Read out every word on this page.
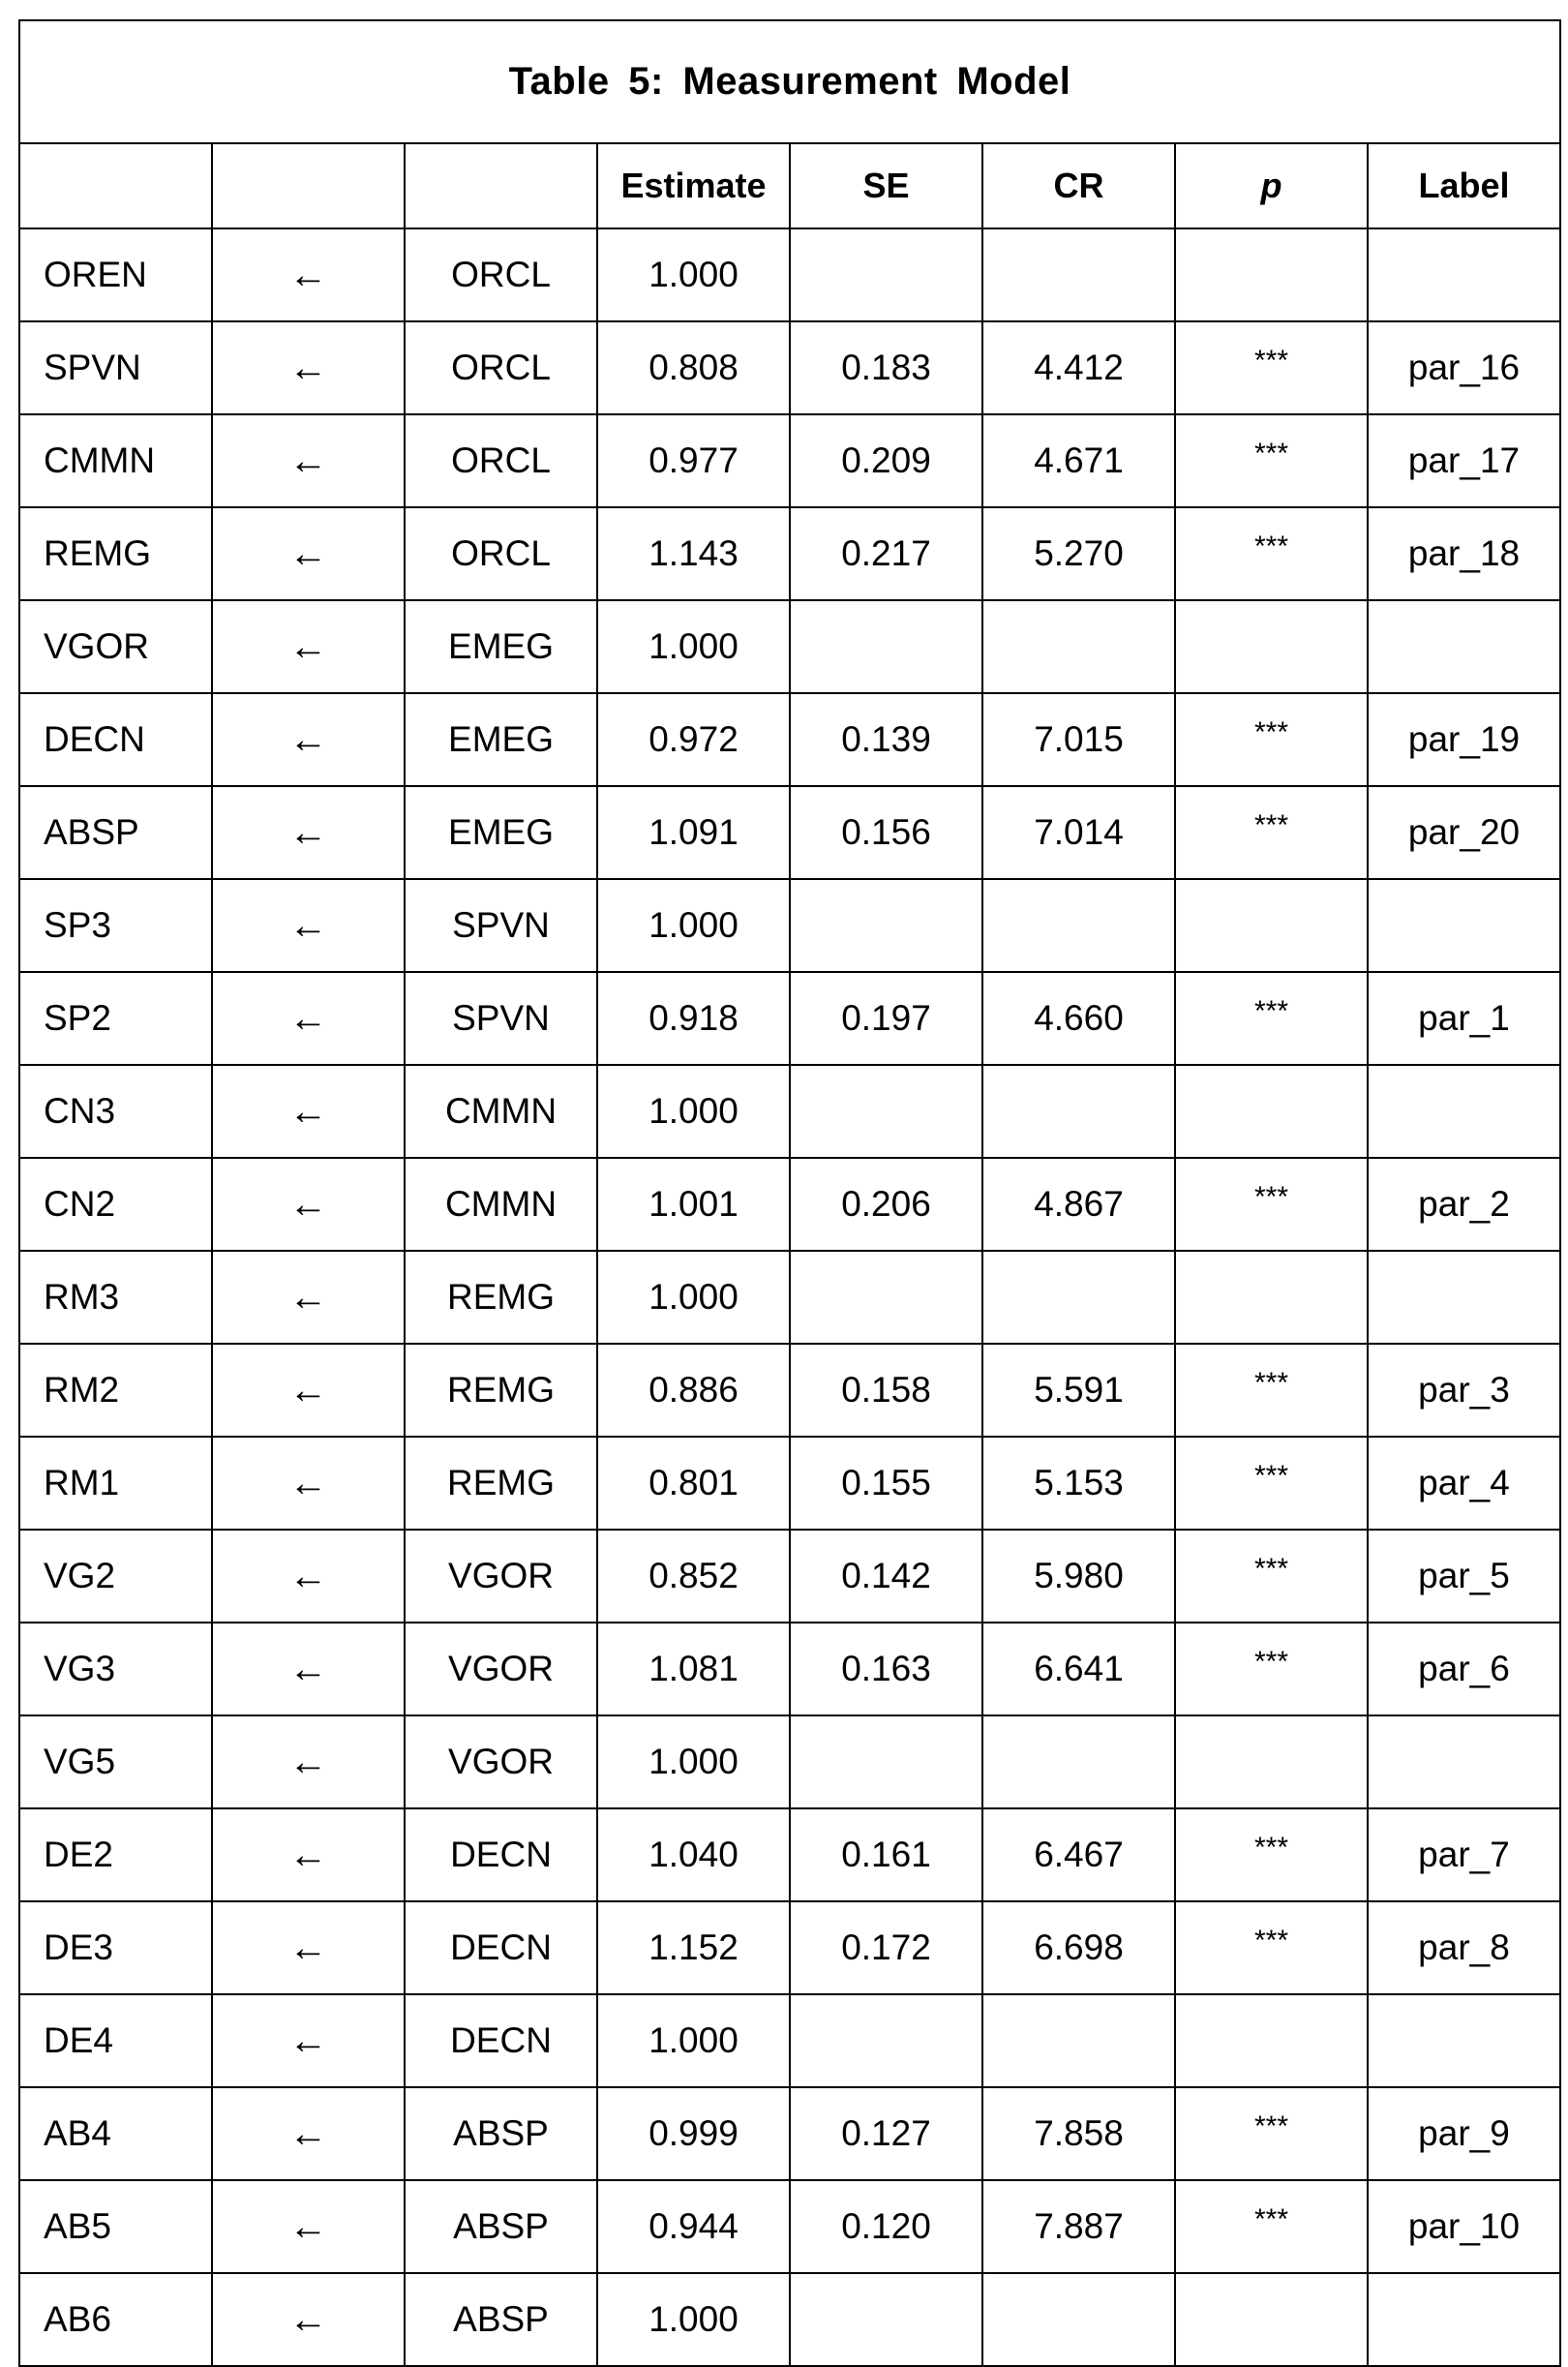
Table 5: Measurement Model							
			Estimate	SE	CR	p	Label
OREN	←	ORCL	1.000				
SPVN	←	ORCL	0.808	0.183	4.412	***	par_16
CMMN	←	ORCL	0.977	0.209	4.671	***	par_17
REMG	←	ORCL	1.143	0.217	5.270	***	par_18
VGOR	←	EMEG	1.000				
DECN	←	EMEG	0.972	0.139	7.015	***	par_19
ABSP	←	EMEG	1.091	0.156	7.014	***	par_20
SP3	←	SPVN	1.000				
SP2	←	SPVN	0.918	0.197	4.660	***	par_1
CN3	←	CMMN	1.000				
CN2	←	CMMN	1.001	0.206	4.867	***	par_2
RM3	←	REMG	1.000				
RM2	←	REMG	0.886	0.158	5.591	***	par_3
RM1	←	REMG	0.801	0.155	5.153	***	par_4
VG2	←	VGOR	0.852	0.142	5.980	***	par_5
VG3	←	VGOR	1.081	0.163	6.641	***	par_6
VG5	←	VGOR	1.000				
DE2	←	DECN	1.040	0.161	6.467	***	par_7
DE3	←	DECN	1.152	0.172	6.698	***	par_8
DE4	←	DECN	1.000				
AB4	←	ABSP	0.999	0.127	7.858	***	par_9
AB5	←	ABSP	0.944	0.120	7.887	***	par_10
AB6	←	ABSP	1.000				
